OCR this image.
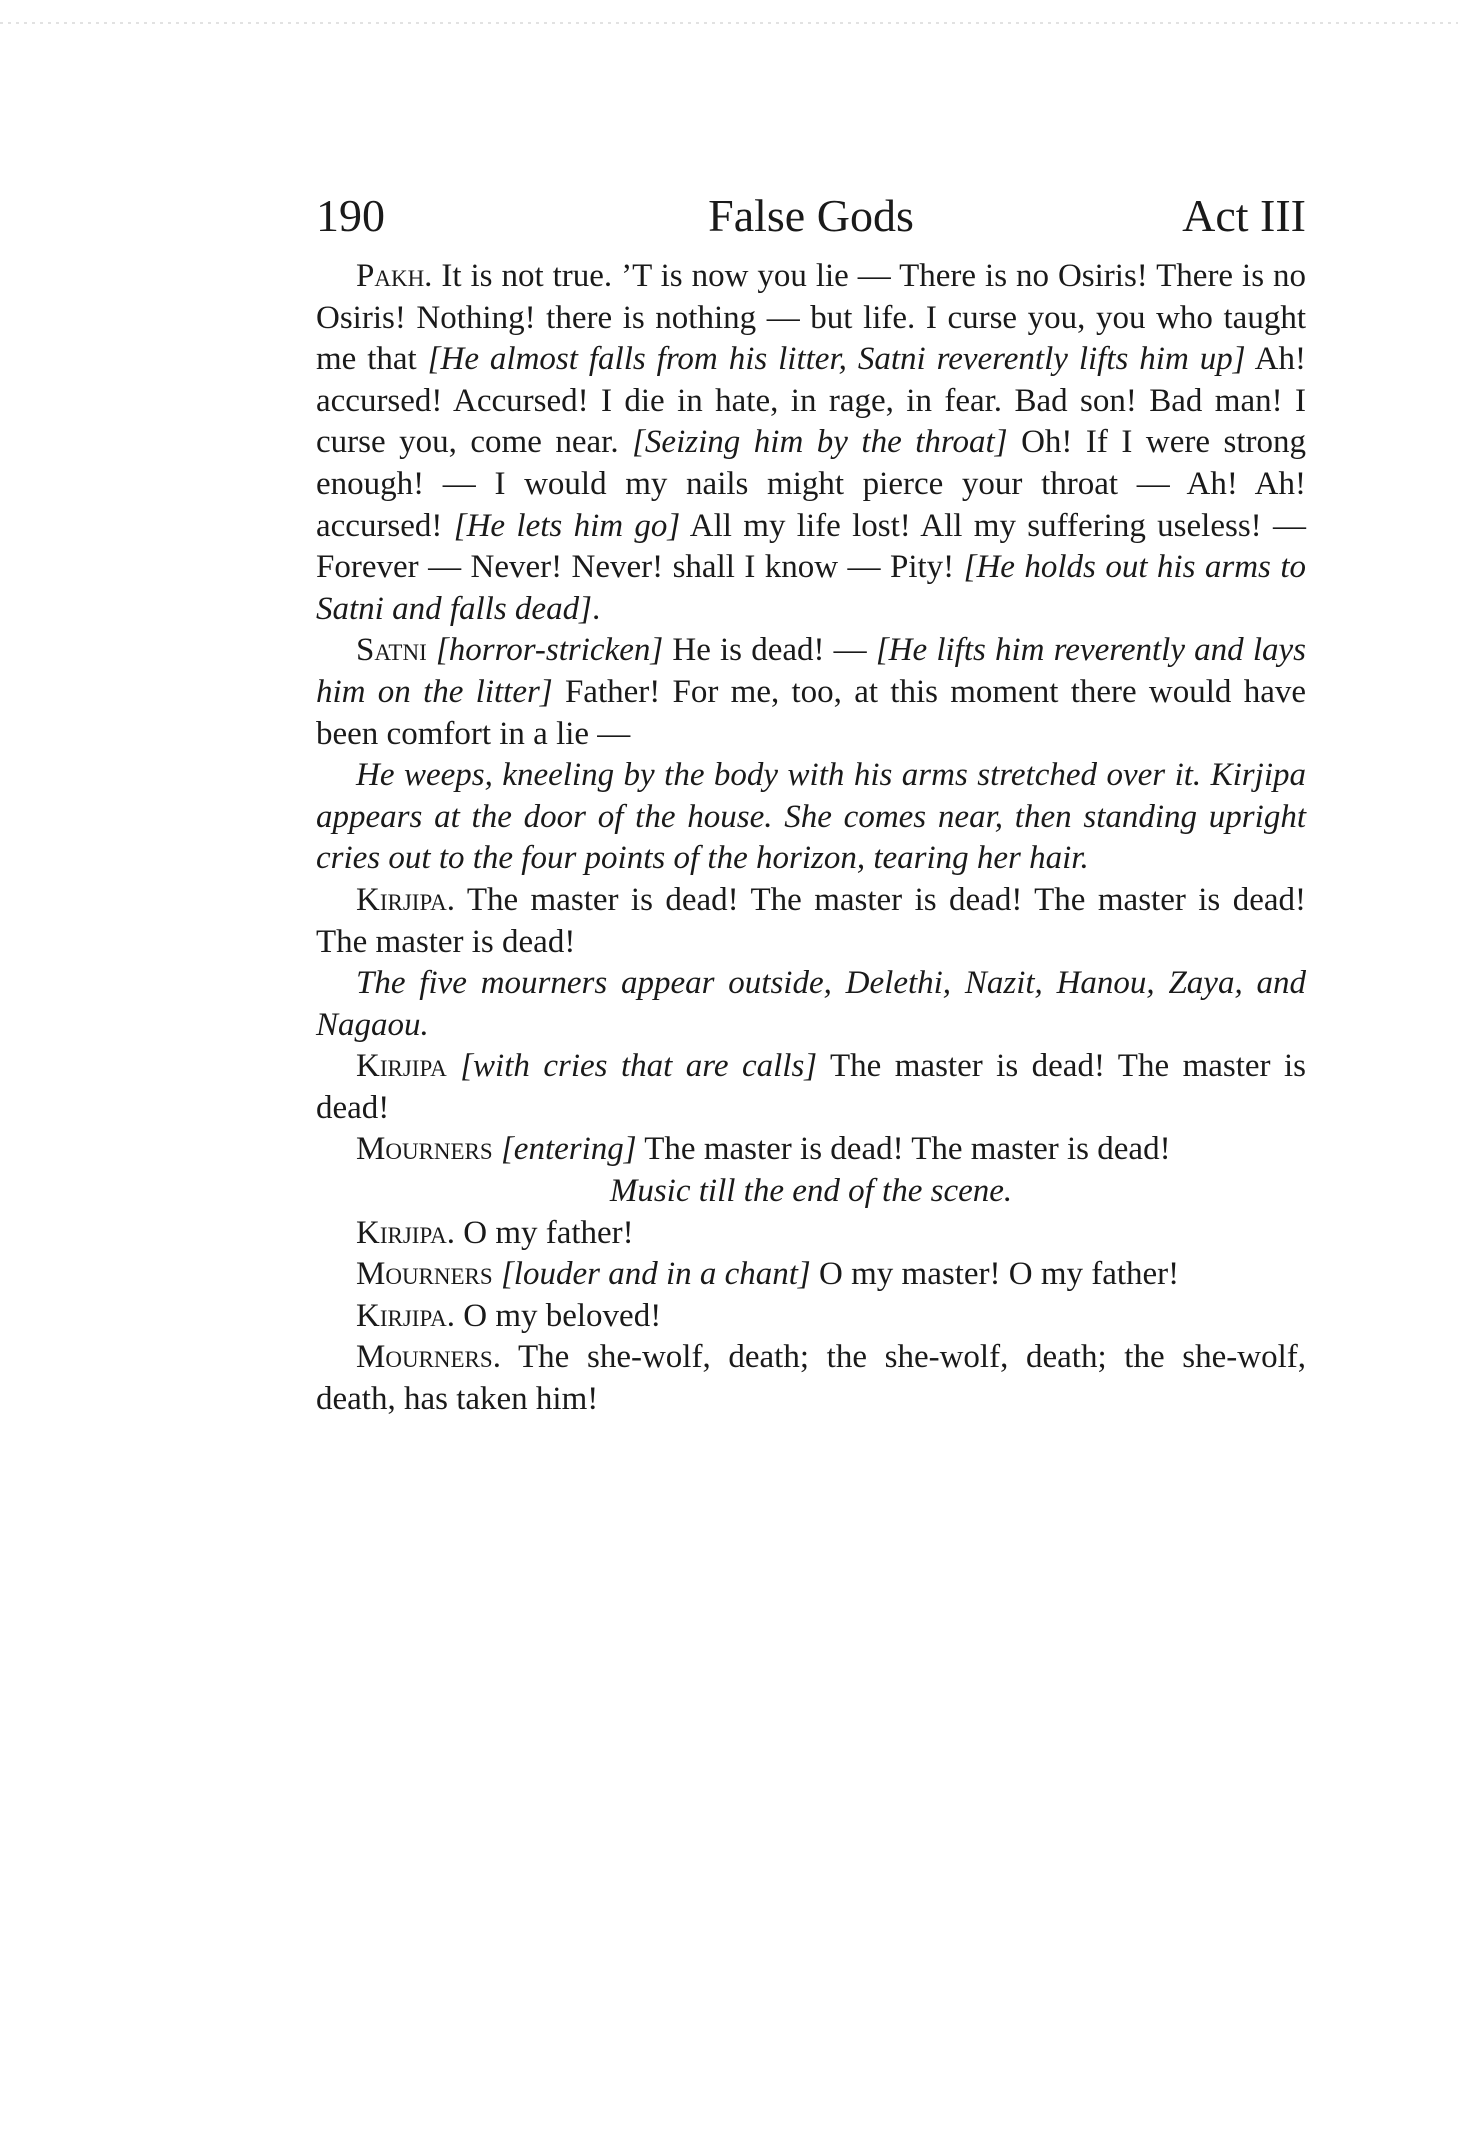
190	False Gods	Act III

Pakh. It is not true. ’T is now you lie — There is no Osiris! There is no Osiris! Nothing! there is nothing — but life. I curse you, you who taught me that [He almost falls from his litter, Satni reverently lifts him up] Ah! accursed! Accursed! I die in hate, in rage, in fear. Bad son! Bad man! I curse you, come near. [Seizing him by the throat] Oh! If I were strong enough! — I would my nails might pierce your throat — Ah! Ah! accursed! [He lets him go] All my life lost! All my suffering useless! — Forever — Never! Never! shall I know — Pity! [He holds out his arms to Satni and falls dead].

Satni [horror-stricken] He is dead! — [He lifts him reverently and lays him on the litter] Father! For me, too, at this moment there would have been comfort in a lie —

He weeps, kneeling by the body with his arms stretched over it. Kirjipa appears at the door of the house. She comes near, then standing upright cries out to the four points of the horizon, tearing her hair.

Kirjipa. The master is dead! The master is dead! The master is dead! The master is dead!

The five mourners appear outside, Delethi, Nazit, Hanou, Zaya, and Nagaou.

Kirjipa [with cries that are calls] The master is dead! The master is dead!

Mourners [entering] The master is dead! The master is dead!

Music till the end of the scene.

Kirjipa. O my father!

Mourners [louder and in a chant] O my master! O my father!

Kirjipa. O my beloved!

Mourners. The she-wolf, death; the she-wolf, death; the she-wolf, death, has taken him!
